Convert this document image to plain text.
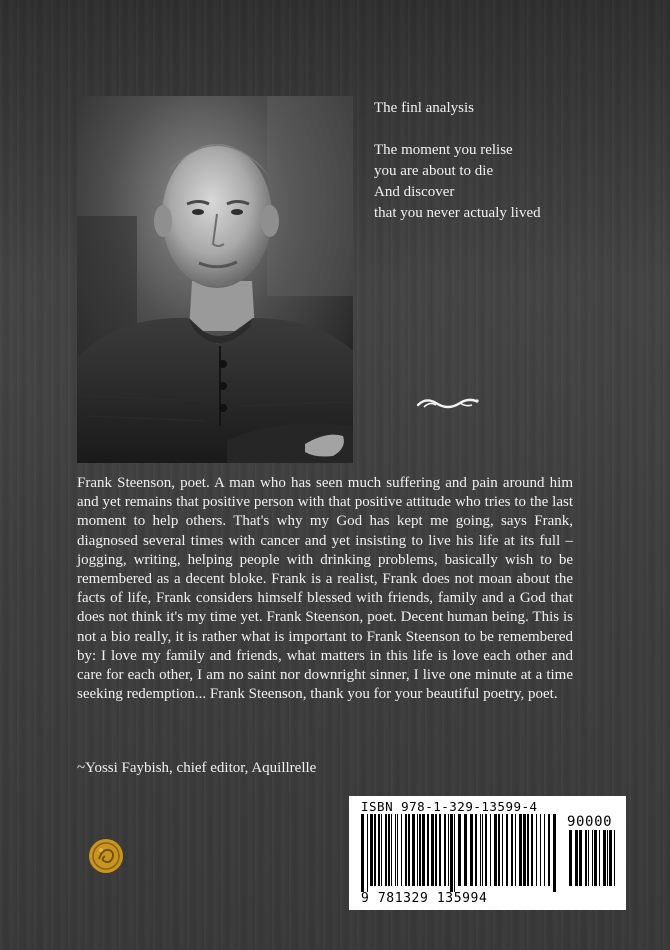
The finl analysis
The moment you relise
you are about to die
And discover
that you never actualy lived
Frank Steenson, poet. A man who has seen much suffering and pain around him and yet remains that positive person with that positive attitude who tries to the last moment to help others. That's why my God has kept me going, says Frank, diagnosed several times with cancer and yet insisting to live his life at its full – jogging, writing, helping people with drinking problems, basically wish to be remembered as a decent bloke. Frank is a realist, Frank does not moan about the facts of life, Frank considers himself blessed with friends, family and a God that does not think it's my time yet. Frank Steenson, poet. Decent human being. This is not a bio really, it is rather what is important to Frank Steenson to be remembered by: I love my family and friends, what matters in this life is love each other and care for each other, I am no saint nor downright sinner, I live one minute at a time seeking redemption... Frank Steenson, thank you for your beautiful poetry, poet.
~Yossi Faybish, chief editor, Aquillrelle
ISBN 978-1-329-13599-4
90000
9 781329 135994
